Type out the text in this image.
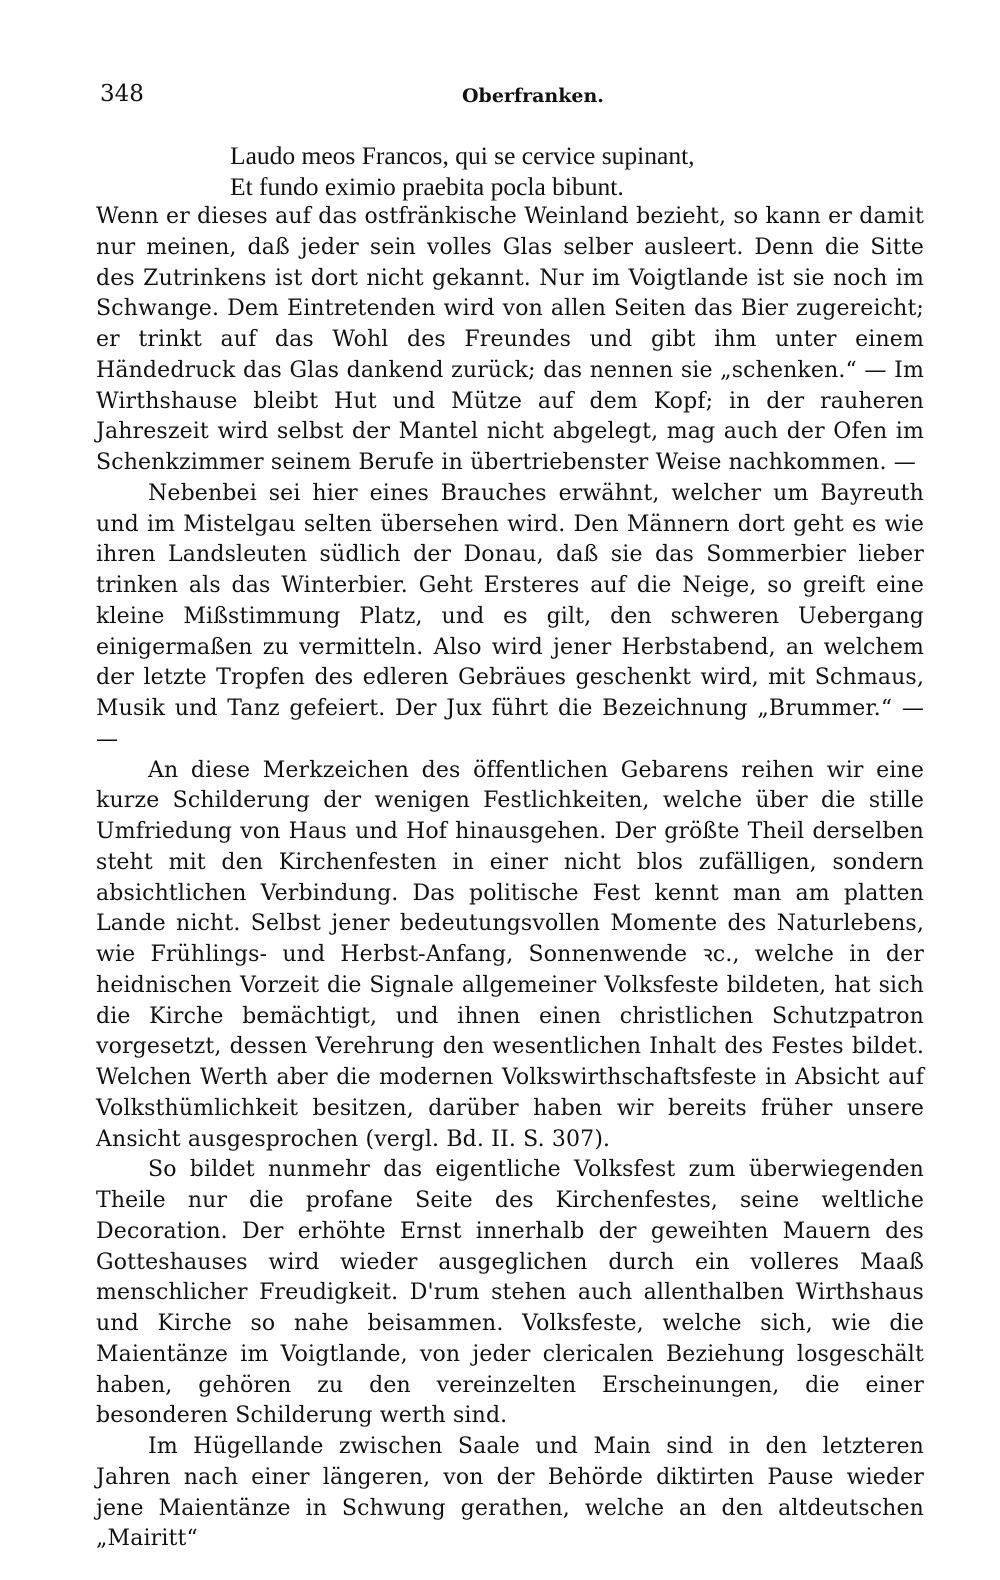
348	Oberfranken.
Laudo meos Francos, qui se cervice supinant,
Et fundo eximio praebita pocla bibunt.

Wenn er dieses auf das ostfränkische Weinland bezieht, so kann er damit nur meinen, daß jeder sein volles Glas selber ausleert. Denn die Sitte des Zutrinkens ist dort nicht gekannt. Nur im Voigtlande ist sie noch im Schwange. Dem Eintretenden wird von allen Seiten das Bier zugereicht; er trinkt auf das Wohl des Freundes und gibt ihm unter einem Händedruck das Glas dankend zurück; das nennen sie „schenken.“ — Im Wirthshause bleibt Hut und Mütze auf dem Kopf; in der rauheren Jahreszeit wird selbst der Mantel nicht abgelegt, mag auch der Ofen im Schenkzimmer seinem Berufe in übertriebenster Weise nachkommen. —

Nebenbei sei hier eines Brauches erwähnt, welcher um Bayreuth und im Mistelgau selten übersehen wird. Den Männern dort geht es wie ihren Landsleuten südlich der Donau, daß sie das Sommerbier lieber trinken als das Winterbier. Geht Ersteres auf die Neige, so greift eine kleine Mißstimmung Platz, und es gilt, den schweren Uebergang einigermaßen zu vermitteln. Also wird jener Herbstabend, an welchem der letzte Tropfen des edleren Gebräues geschenkt wird, mit Schmaus, Musik und Tanz gefeiert. Der Jux führt die Bezeichnung „Brummer.“ — —

An diese Merkzeichen des öffentlichen Gebarens reihen wir eine kurze Schilderung der wenigen Festlichkeiten, welche über die stille Umfriedung von Haus und Hof hinausgehen. Der größte Theil derselben steht mit den Kirchenfesten in einer nicht blos zufälligen, sondern absichtlichen Verbindung. Das politische Fest kennt man am platten Lande nicht. Selbst jener bedeutungsvollen Momente des Naturlebens, wie Frühlings- und Herbst-Anfang, Sonnenwende ꝛc., welche in der heidnischen Vorzeit die Signale allgemeiner Volksfeste bildeten, hat sich die Kirche bemächtigt, und ihnen einen christlichen Schutzpatron vorgesetzt, dessen Verehrung den wesentlichen Inhalt des Festes bildet. Welchen Werth aber die modernen Volkswirthschaftsfeste in Absicht auf Volksthümlichkeit besitzen, darüber haben wir bereits früher unsere Ansicht ausgesprochen (vergl. Bd. II. S. 307).

So bildet nunmehr das eigentliche Volksfest zum überwiegenden Theile nur die profane Seite des Kirchenfestes, seine weltliche Decoration. Der erhöhte Ernst innerhalb der geweihten Mauern des Gotteshauses wird wieder ausgeglichen durch ein volleres Maaß menschlicher Freudigkeit. D'rum stehen auch allenthalben Wirthshaus und Kirche so nahe beisammen. Volksfeste, welche sich, wie die Maientänze im Voigtlande, von jeder clericalen Beziehung losgeschält haben, gehören zu den vereinzelten Erscheinungen, die einer besonderen Schilderung werth sind.

Im Hügellande zwischen Saale und Main sind in den letzteren Jahren nach einer längeren, von der Behörde diktirten Pause wieder jene Maientänze in Schwung gerathen, welche an den altdeutschen „Mairitt“
